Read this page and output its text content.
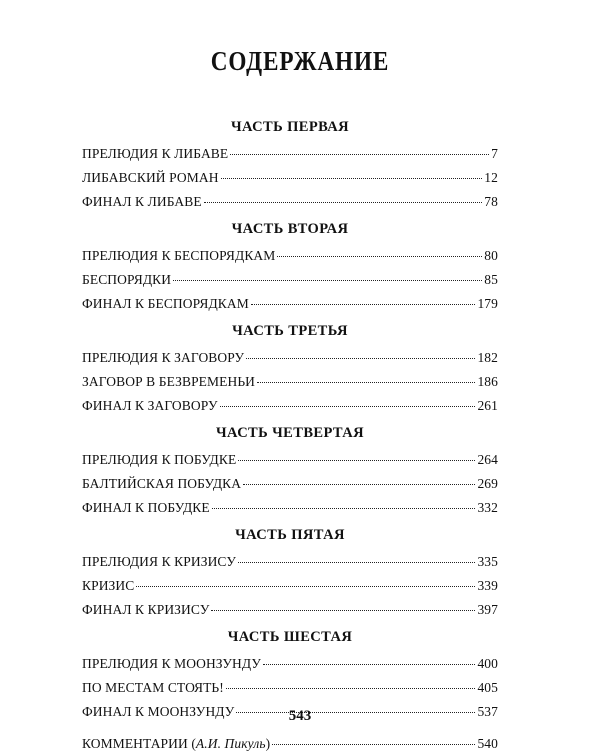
СОДЕРЖАНИЕ
ЧАСТЬ ПЕРВАЯ
ПРЕЛЮДИЯ К ЛИБАВЕ	7
ЛИБАВСКИЙ РОМАН	12
ФИНАЛ К ЛИБАВЕ	78
ЧАСТЬ ВТОРАЯ
ПРЕЛЮДИЯ К БЕСПОРЯДКАМ	80
БЕСПОРЯДКИ	85
ФИНАЛ К БЕСПОРЯДКАМ	179
ЧАСТЬ ТРЕТЬЯ
ПРЕЛЮДИЯ К ЗАГОВОРУ	182
ЗАГОВОР В БЕЗВРЕМЕНЬИ	186
ФИНАЛ К ЗАГОВОРУ	261
ЧАСТЬ ЧЕТВЕРТАЯ
ПРЕЛЮДИЯ К ПОБУДКЕ	264
БАЛТИЙСКАЯ ПОБУДКА	269
ФИНАЛ К ПОБУДКЕ	332
ЧАСТЬ ПЯТАЯ
ПРЕЛЮДИЯ К КРИЗИСУ	335
КРИЗИС	339
ФИНАЛ К КРИЗИСУ	397
ЧАСТЬ ШЕСТАЯ
ПРЕЛЮДИЯ К МООНЗУНДУ	400
ПО МЕСТАМ СТОЯТЬ!	405
ФИНАЛ К МООНЗУНДУ	537
КОММЕНТАРИИ (А.И. Пикуль)	540
543
